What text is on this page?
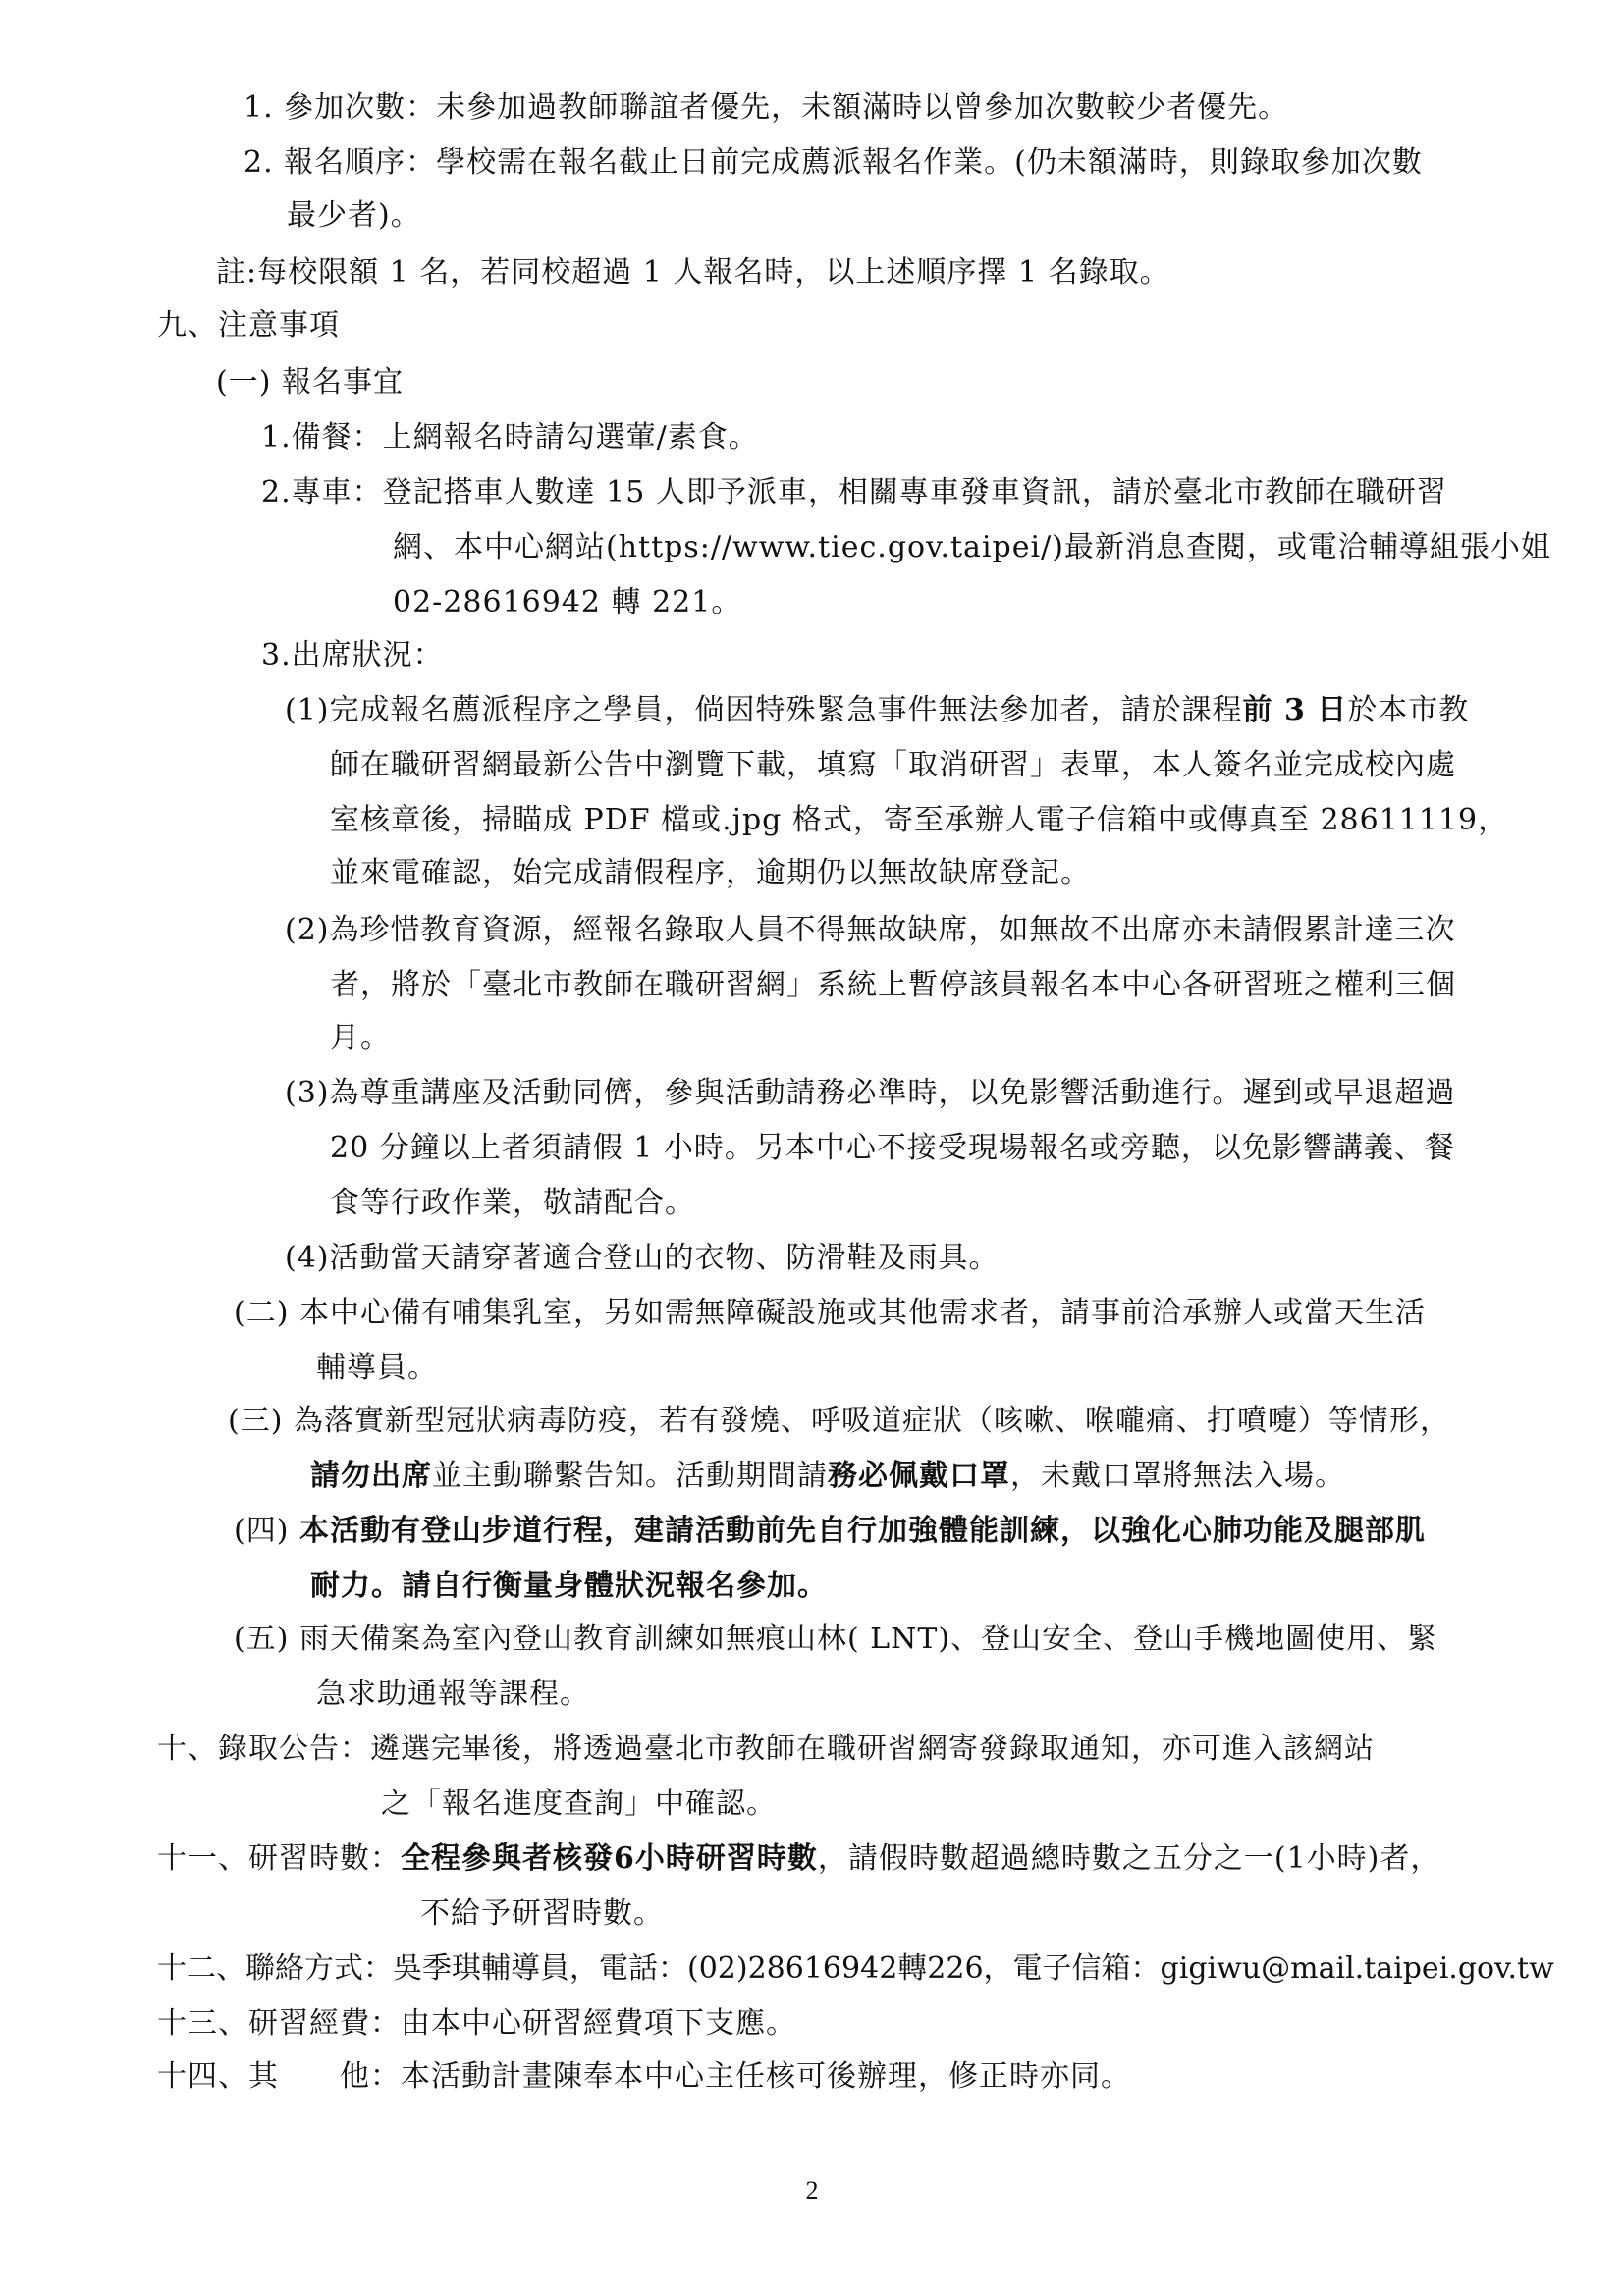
1. 參加次數：未參加過教師聯誼者優先，未額滿時以曾參加次數較少者優先。
2. 報名順序：學校需在報名截止日前完成薦派報名作業。(仍未額滿時，則錄取參加次數
最少者)。
註:每校限額 1 名，若同校超過 1 人報名時，以上述順序擇 1 名錄取。
九、注意事項
(一) 報名事宜
1.備餐：上網報名時請勾選葷/素食。
2.專車：登記搭車人數達 15 人即予派車，相關專車發車資訊，請於臺北市教師在職研習
網、本中心網站(https://www.tiec.gov.taipei/)最新消息查閱，或電洽輔導組張小姐
02-28616942 轉 221。
3.出席狀況：
(1)完成報名薦派程序之學員，倘因特殊緊急事件無法參加者，請於課程前 3 日於本市教
師在職研習網最新公告中瀏覽下載，填寫「取消研習」表單，本人簽名並完成校內處
室核章後，掃瞄成 PDF 檔或.jpg 格式，寄至承辦人電子信箱中或傳真至 28611119，
並來電確認，始完成請假程序，逾期仍以無故缺席登記。
(2)為珍惜教育資源，經報名錄取人員不得無故缺席，如無故不出席亦未請假累計達三次
者，將於「臺北市教師在職研習網」系統上暫停該員報名本中心各研習班之權利三個
月。
(3)為尊重講座及活動同儕，參與活動請務必準時，以免影響活動進行。遲到或早退超過
20 分鐘以上者須請假 1 小時。另本中心不接受現場報名或旁聽，以免影響講義、餐
食等行政作業，敬請配合。
(4)活動當天請穿著適合登山的衣物、防滑鞋及雨具。
(二) 本中心備有哺集乳室，另如需無障礙設施或其他需求者，請事前洽承辦人或當天生活
輔導員。
(三) 為落實新型冠狀病毒防疫，若有發燒、呼吸道症狀（咳嗽、喉嚨痛、打噴嚏）等情形，
請勿出席並主動聯繫告知。活動期間請務必佩戴口罩，未戴口罩將無法入場。
(四) 本活動有登山步道行程，建請活動前先自行加強體能訓練，以強化心肺功能及腿部肌
耐力。請自行衡量身體狀況報名參加。
(五) 雨天備案為室內登山教育訓練如無痕山林( LNT)、登山安全、登山手機地圖使用、緊
急求助通報等課程。
十、錄取公告：遴選完畢後，將透過臺北市教師在職研習網寄發錄取通知，亦可進入該網站
之「報名進度查詢」中確認。
十一、研習時數：全程參與者核發6小時研習時數，請假時數超過總時數之五分之一(1小時)者，
不給予研習時數。
十二、聯絡方式：吳季琪輔導員，電話：(02)28616942轉226，電子信箱：gigiwu@mail.taipei.gov.tw
十三、研習經費：由本中心研習經費項下支應。
十四、其　　他：本活動計畫陳奉本中心主任核可後辦理，修正時亦同。
2
